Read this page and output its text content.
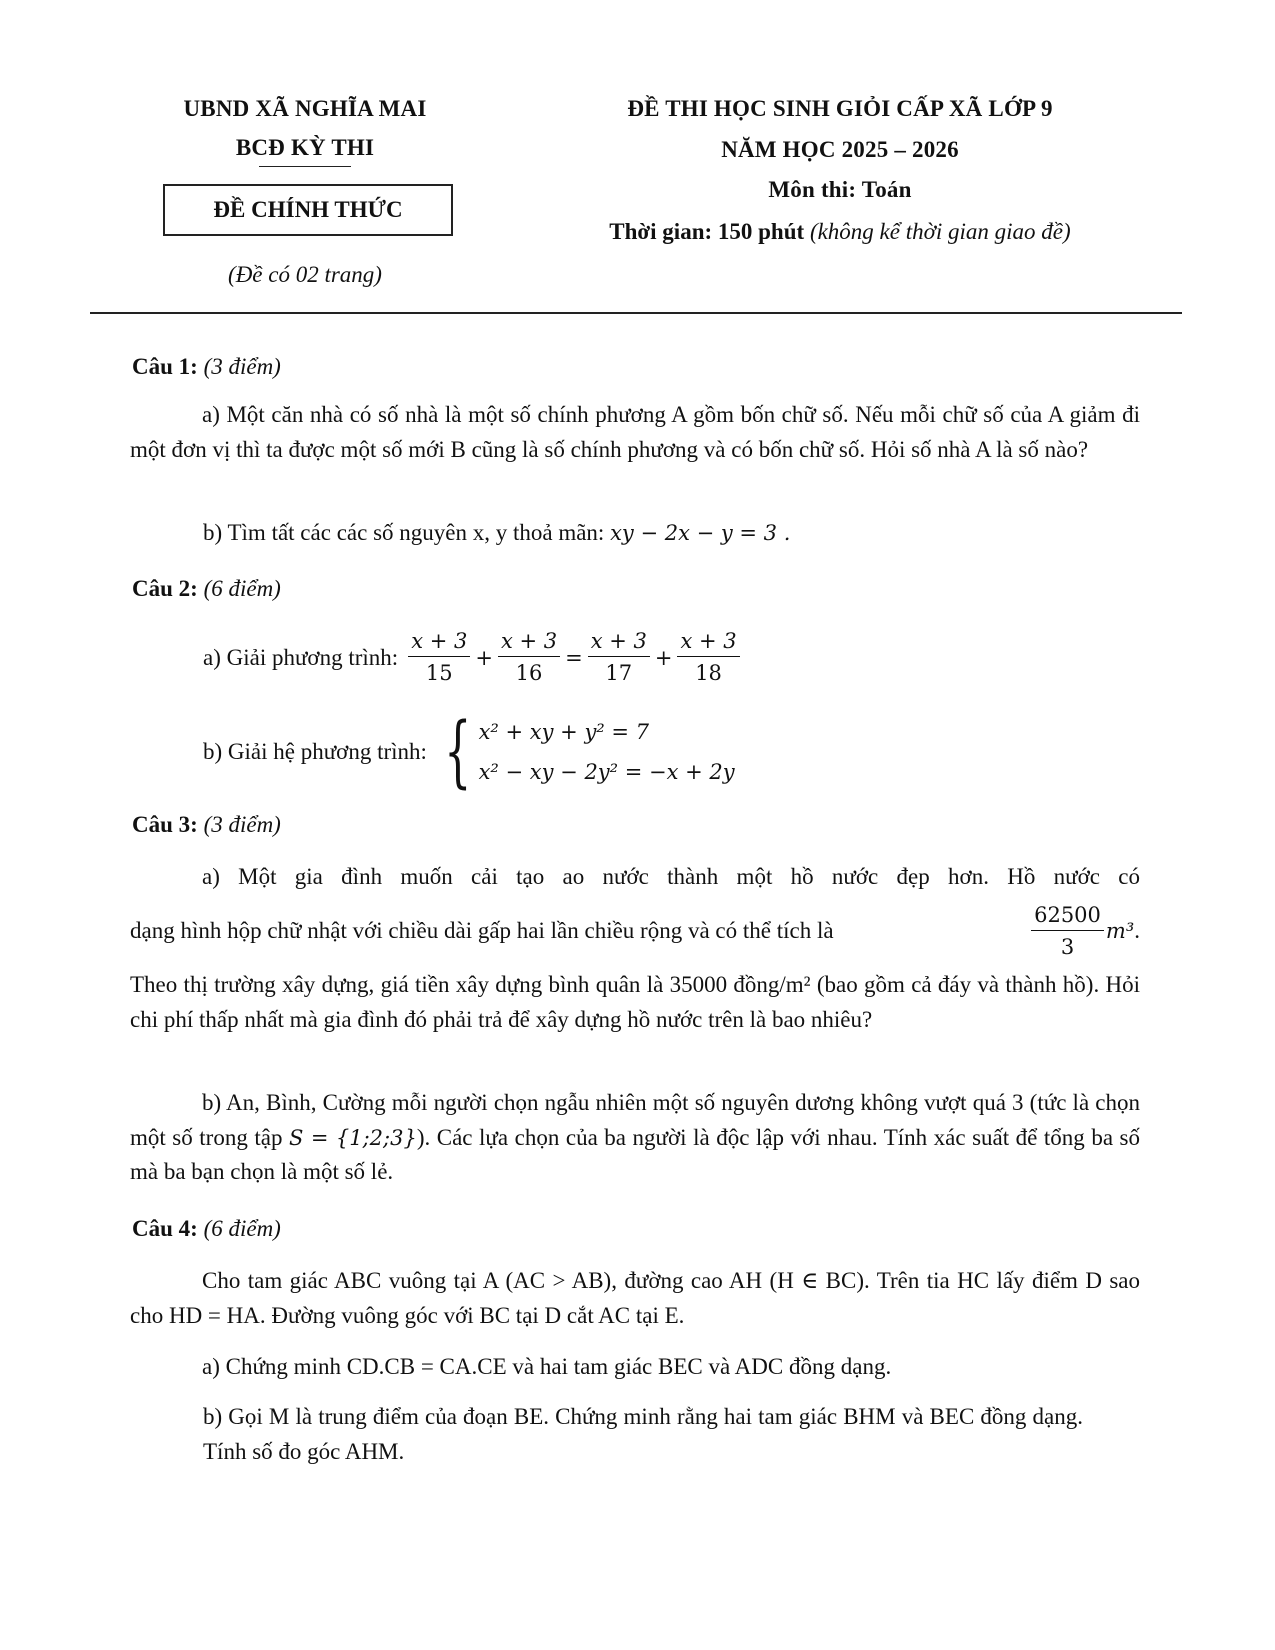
UBND XÃ NGHĨA MAI
BCĐ KỲ THI
ĐỀ CHÍNH THỨC
(Đề có 02 trang)
ĐỀ THI HỌC SINH GIỎI CẤP XÃ LỚP 9
NĂM HỌC 2025 – 2026
Môn thi: Toán
Thời gian: 150 phút (không kể thời gian giao đề)
Câu 1: (3 điểm)
a) Một căn nhà có số nhà là một số chính phương A gồm bốn chữ số. Nếu mỗi chữ số của A giảm đi một đơn vị thì ta được một số mới B cũng là số chính phương và có bốn chữ số. Hỏi số nhà A là số nào?
b) Tìm tất các các số nguyên x, y thoả mãn: xy − 2x − y = 3 .
Câu 2: (6 điểm)
a) Giải phương trình: $\frac{x + 3}{15} + \frac{x + 3}{16} = \frac{x + 3}{17} + \frac{x + 3}{18}$
b) Giải hệ phương trình: { x² + xy + y² = 7
x² − xy − 2y² = −x + 2y
Câu 3: (3 điểm)
a) Một gia đình muốn cải tạo ao nước thành một hồ nước đẹp hơn. Hồ nước có
dạng hình hộp chữ nhật với chiều dài gấp hai lần chiều rộng và có thể tích là	$\frac{62500}{3} m^3$ .
Theo thị trường xây dựng, giá tiền xây dựng bình quân là 35000 đồng/m² (bao gồm cả đáy và thành hồ). Hỏi chi phí thấp nhất mà gia đình đó phải trả để xây dựng hồ nước trên là bao nhiêu?
b) An, Bình, Cường mỗi người chọn ngẫu nhiên một số nguyên dương không vượt quá 3 (tức là chọn một số trong tập S = {1;2;3}). Các lựa chọn của ba người là độc lập với nhau. Tính xác suất để tổng ba số mà ba bạn chọn là một số lẻ.
Câu 4: (6 điểm)
Cho tam giác ABC vuông tại A (AC > AB), đường cao AH (H ∈ BC). Trên tia HC lấy điểm D sao cho HD = HA. Đường vuông góc với BC tại D cắt AC tại E.
a) Chứng minh CD.CB = CA.CE và hai tam giác BEC và ADC đồng dạng.
b) Gọi M là trung điểm của đoạn BE. Chứng minh rằng hai tam giác BHM và BEC đồng dạng. Tính số đo góc AHM.
